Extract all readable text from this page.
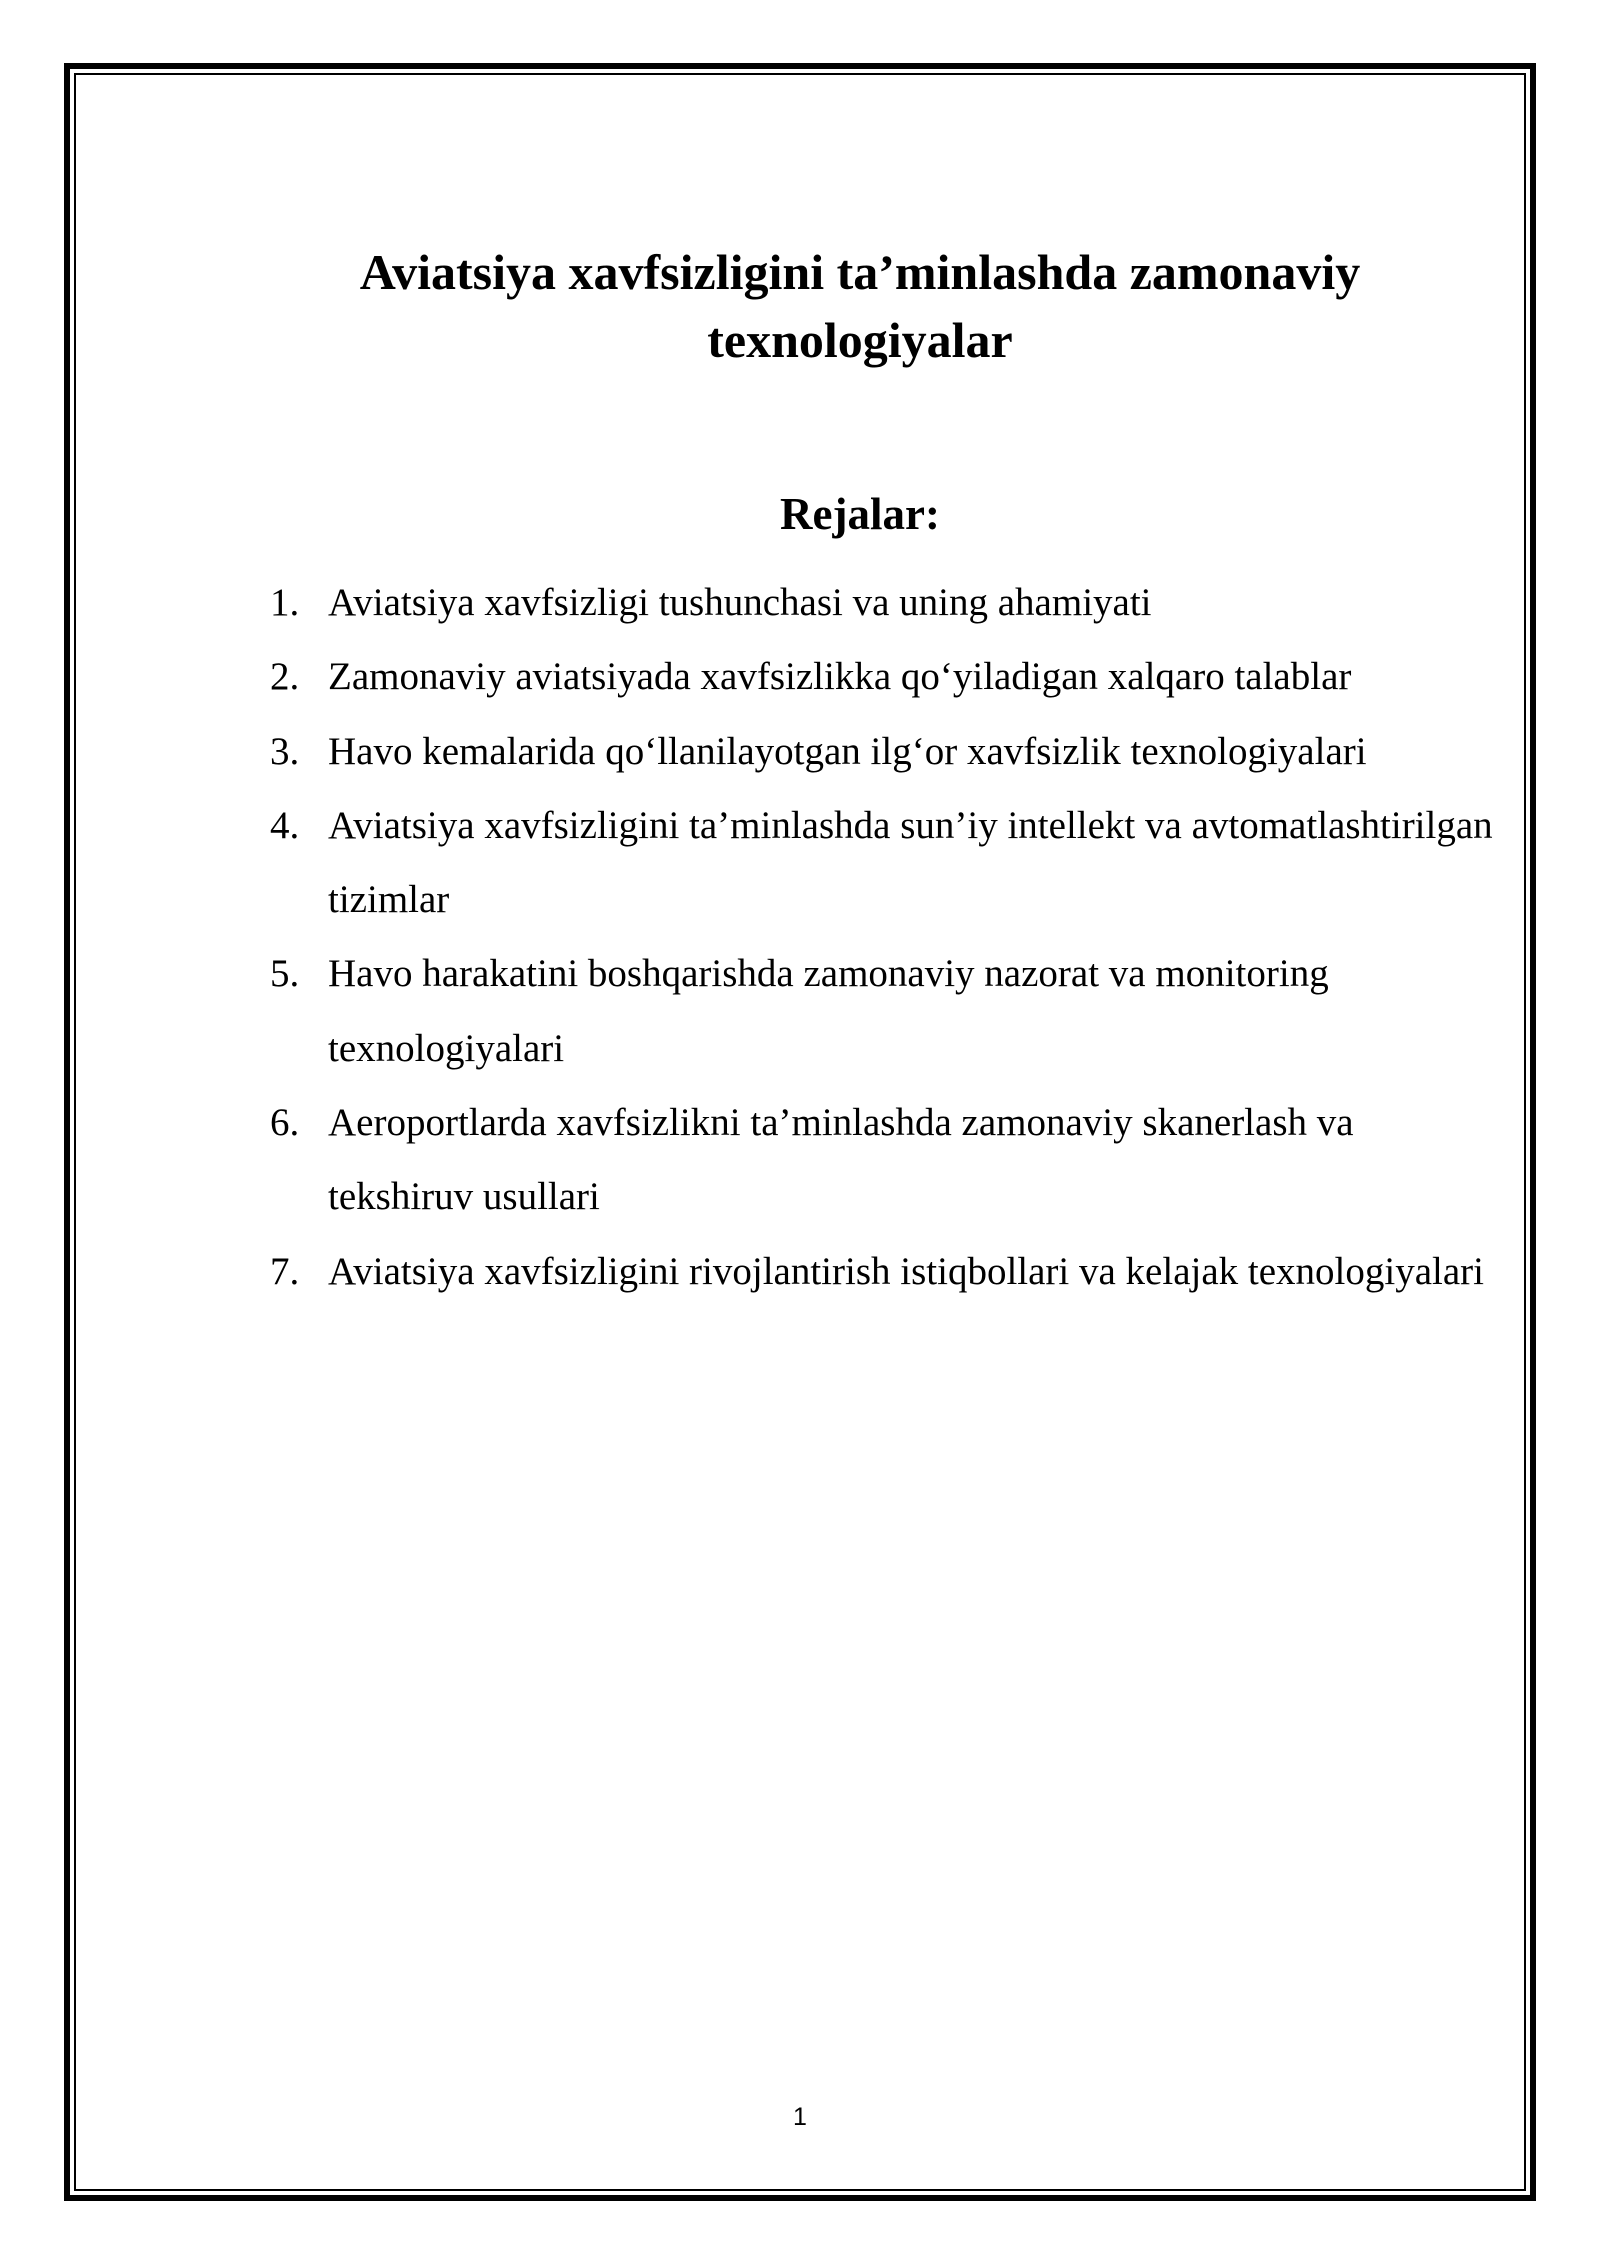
Aviatsiya xavfsizligini ta’minlashda zamonaviy texnologiyalar
Rejalar:
1. Aviatsiya xavfsizligi tushunchasi va uning ahamiyati
2. Zamonaviy aviatsiyada xavfsizlikka qo‘yiladigan xalqaro talablar
3. Havo kemalarida qo‘llanilayotgan ilg‘or xavfsizlik texnologiyalari
4. Aviatsiya xavfsizligini ta’minlashda sun’iy intellekt va avtomatlashtirilgan tizimlar
5. Havo harakatini boshqarishda zamonaviy nazorat va monitoring texnologiyalari
6. Aeroportlarda xavfsizlikni ta’minlashda zamonaviy skanerlash va tekshiruv usullari
7. Aviatsiya xavfsizligini rivojlantirish istiqbollari va kelajak texnologiyalari
1
